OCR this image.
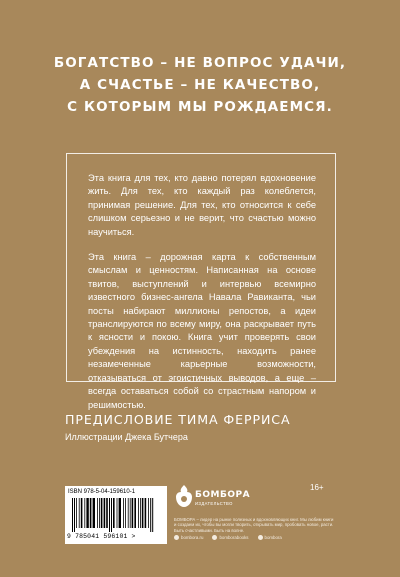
БОГАТСТВО – НЕ ВОПРОС УДАЧИ,
А СЧАСТЬЕ – НЕ КАЧЕСТВО,
С КОТОРЫМ МЫ РОЖДАЕМСЯ.

Эта книга для тех, кто давно потерял вдохновение жить. Для тех, кто каждый раз колеблется, принимая решение. Для тех, кто относится к себе слишком серьезно и не верит, что счастью можно научиться.

Эта книга – дорожная карта к собственным смыслам и ценностям. Написанная на основе твитов, выступлений и интервью всемирно известного бизнес-ангела Навала Равиканта, чьи посты набирают миллионы репостов, а идеи транслируются по всему миру, она раскрывает путь к ясности и покою. Книга учит проверять свои убеждения на истинность, находить ранее незамеченные карьерные возможности, отказываться от эгоистичных выводов, а еще – всегда оставаться собой со страстным напором и решимостью.

ПРЕДИСЛОВИЕ ТИМА ФЕРРИСА
Иллюстрации Джека Бутчера
ISBN 978-5-04-159610-1
9 785041 596101 >
БОМБОРА
ИЗДАТЕЛЬСТВО
БОМБОРА – лидер на рынке полезных и вдохновляющих книг. Мы любим книги и создаем их, чтобы вы могли творить, открывать мир, пробовать новое, расти. Быть счастливыми. Быть на волне.
bombora.ru	bomborabooks	bombora
16+
